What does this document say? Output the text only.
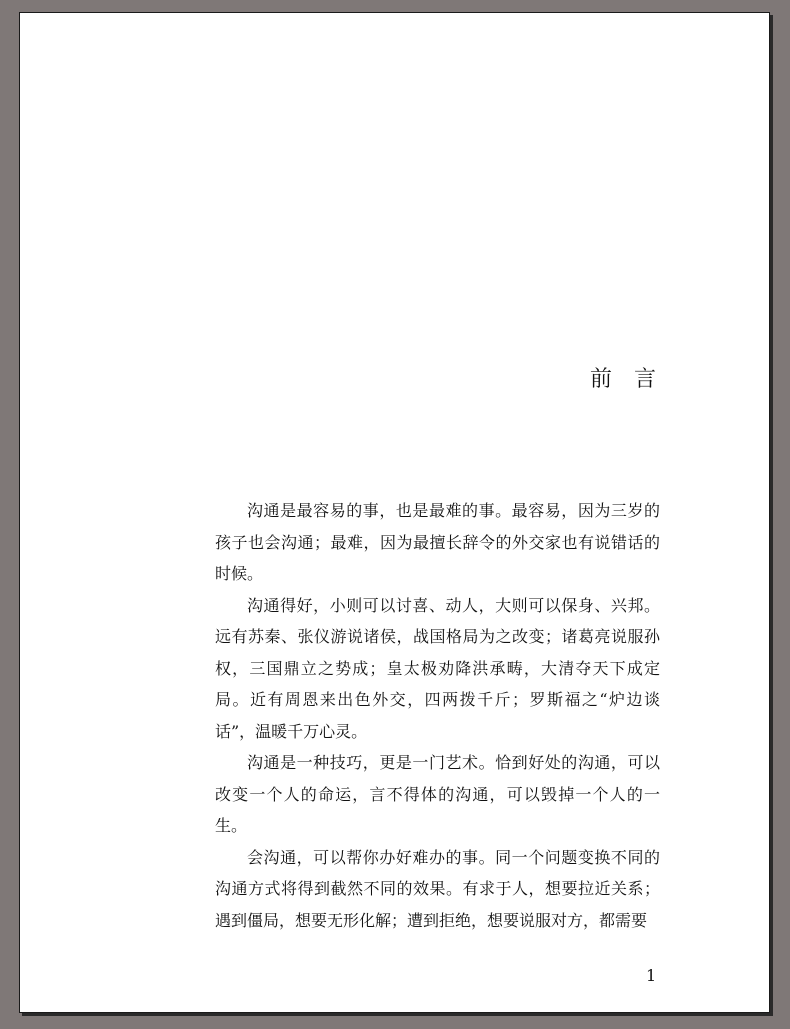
前　言

沟通是最容易的事，也是最难的事。最容易，因为三岁的孩子也会沟通；最难，因为最擅长辞令的外交家也有说错话的时候。

沟通得好，小则可以讨喜、动人，大则可以保身、兴邦。远有苏秦、张仪游说诸侯，战国格局为之改变；诸葛亮说服孙权，三国鼎立之势成；皇太极劝降洪承畴，大清夺天下成定局。近有周恩来出色外交，四两拨千斤；罗斯福之“炉边谈话”，温暖千万心灵。

沟通是一种技巧，更是一门艺术。恰到好处的沟通，可以改变一个人的命运，言不得体的沟通，可以毁掉一个人的一生。

会沟通，可以帮你办好难办的事。同一个问题变换不同的沟通方式将得到截然不同的效果。有求于人，想要拉近关系；遇到僵局，想要无形化解；遭到拒绝，想要说服对方，都需要

1
